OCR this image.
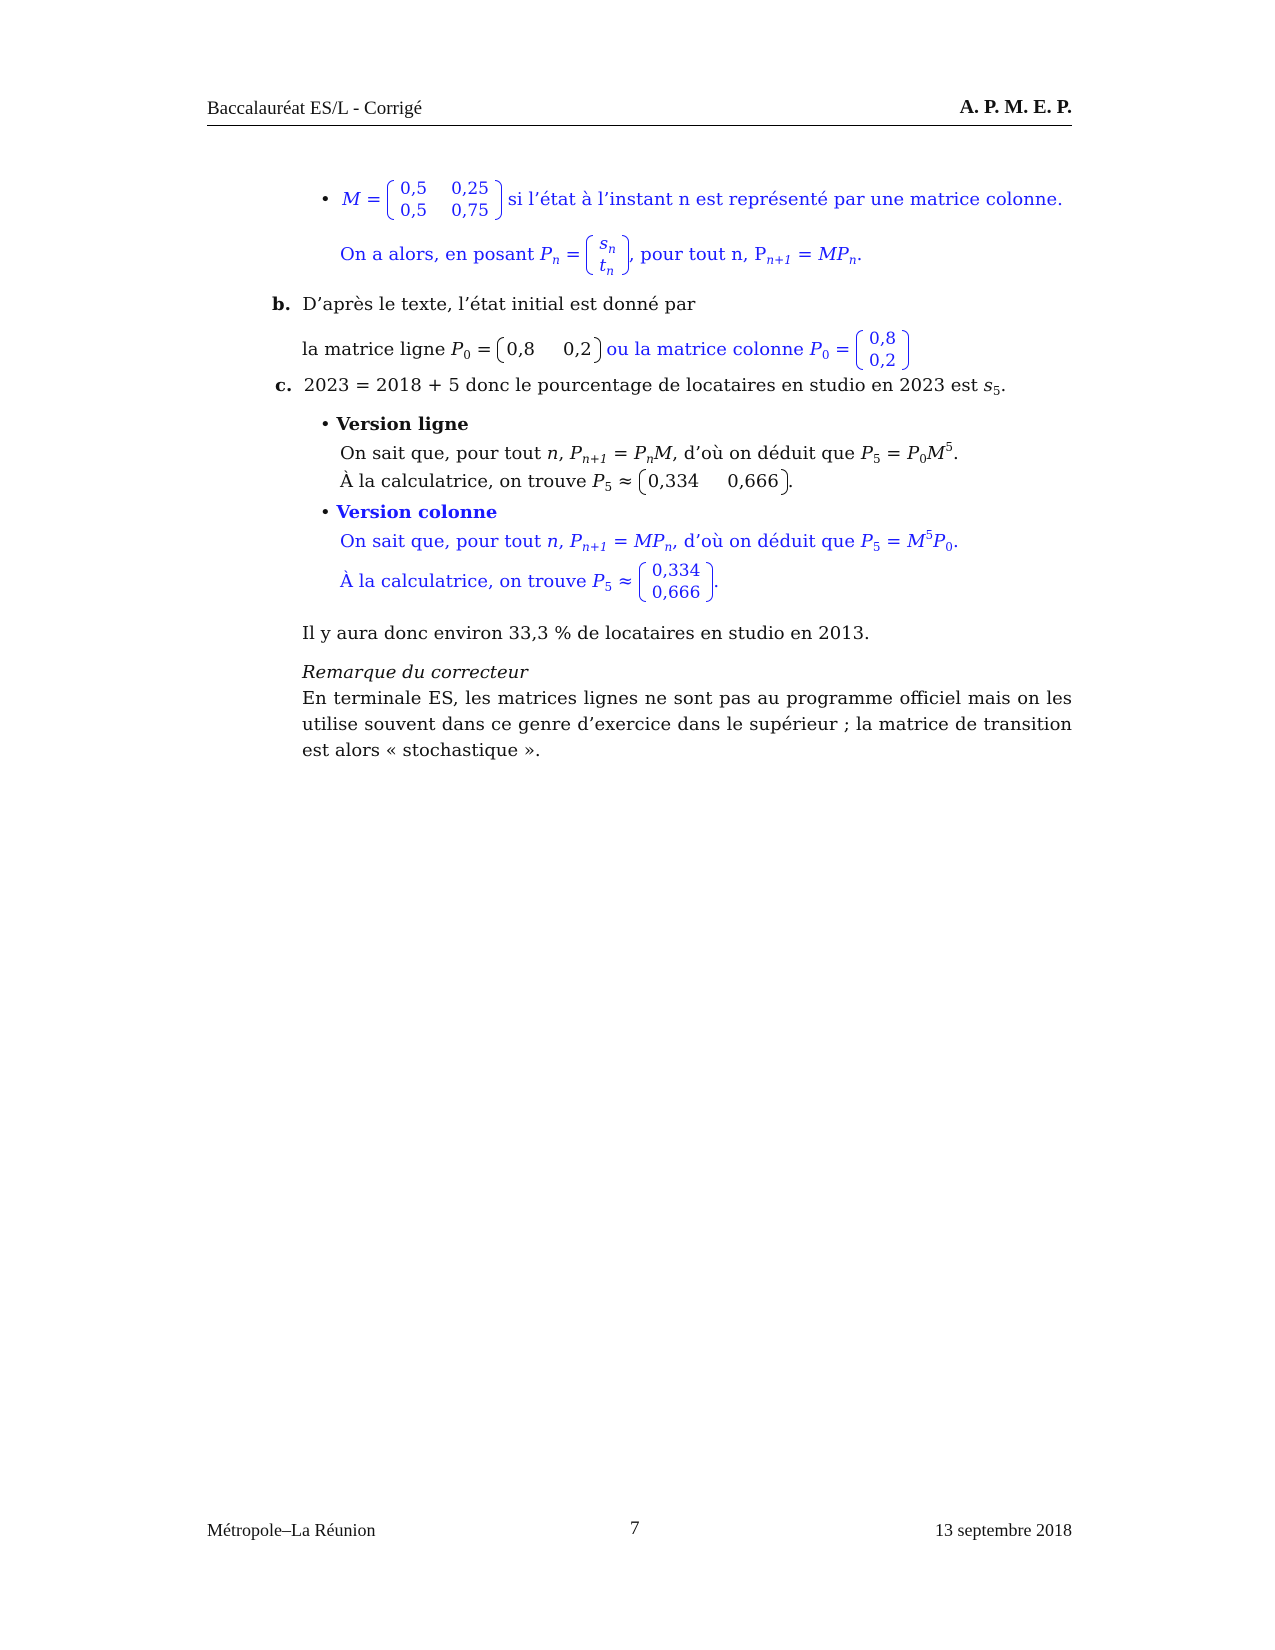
Baccalauréat ES/L - Corrigé	A. P. M. E. P.
• M = 0,5	0,25
0,5	0,75
si l’état à l’instant n est représenté par une matrice colonne.
On a alors, en posant $P_n = s_n$
$t_n$
, pour tout n, $P_{n+1} = MP_n$.
b. D’après le texte, l’état initial est donné par
la matrice ligne $P_0 = 0,8$ 0,2 ou la matrice colonne $P_0 = 0,8$
0,2
c. 2023 = 2018 + 5 donc le pourcentage de locataires en studio en 2023 est $s_5$.
• Version ligne
On sait que, pour tout n, $P_{n+1} = P_nM$, d’où on déduit que $P_5 = P_0M^5$.
À la calculatrice, on trouve $P_5 \approx 0,334$ 0,666 .
• Version colonne
On sait que, pour tout n, $P_{n+1} = MP_n$, d’où on déduit que $P_5 = M^5P_0$.
À la calculatrice, on trouve $P_5 \approx 0,334$
0,666
.
Il y aura donc environ 33,3 % de locataires en studio en 2013.
Remarque du correcteur
En terminale ES, les matrices lignes ne sont pas au programme officiel mais on les utilise souvent dans ce genre d’exercice dans le supérieur ; la matrice de transition est alors « stochastique ».
Métropole–La Réunion	7	13 septembre 2018
